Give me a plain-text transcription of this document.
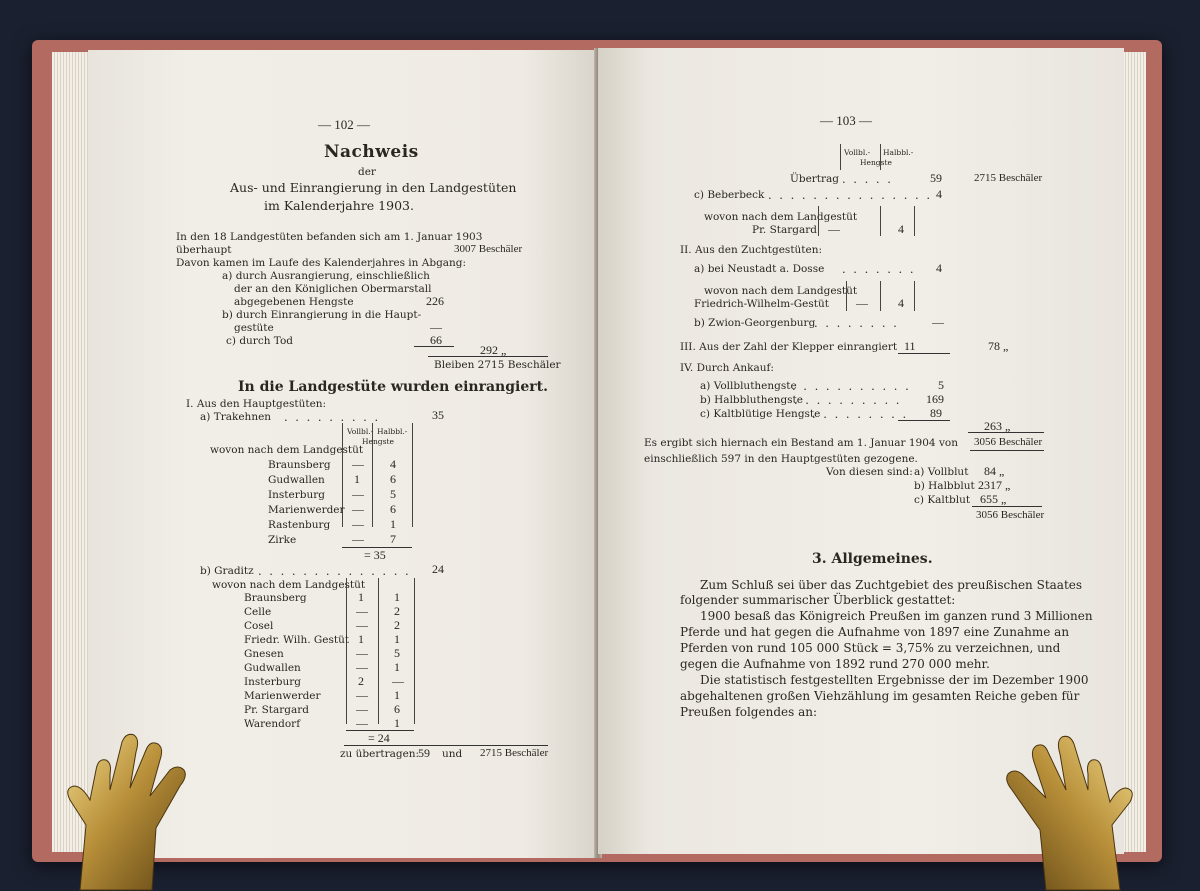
— 102 —
Nachweis
der
Aus- und Einrangierung in den Landgestüten
im Kalenderjahre 1903.
In den 18 Landgestüten befanden sich am 1. Januar 1903
überhaupt	3007 Beschäler
Davon kamen im Laufe des Kalenderjahres in Abgang:
a) durch Ausrangierung, einschließlich
der an den Königlichen Obermarstall
abgegebenen Hengste	226
b) durch Einrangierung in die Haupt-
gestüte	—
c) durch Tod	66
292 „
Bleiben 2715 Beschäler
In die Landgestüte wurden einrangiert.
I. Aus den Hauptgestüten:
a) Trakehnen . . . . . . . . .	35
Vollbl.- Halbbl.-
Hengste
wovon nach dem Landgestüt
Braunsberg — 4
Gudwallen 1	6
Insterburg — 5
Marienwerder — 6
Rastenburg — 1
Zirke	— 7
= 35
b) Graditz . . . . . . . . . . . . . . 24
wovon nach dem Landgestüt
Braunsberg	1	1
Celle	— 2
Cosel	— 2
Friedr. Wilh. Gestüt 1	1
Gnesen	— 5
Gudwallen	— 1
Insterburg	2 —
Marienwerder	— 1
Pr. Stargard	— 6
Warendorf	— 1
= 24
zu übertragen:
59 und 2715 Beschäler
— 103 —
Vollbl.- Halbbl.-
Hengste
Übertrag . . . . .	59	2715 Beschäler
c) Beberbeck . . . . . . . . . . . . . . . 4
wovon nach dem Landgestüt
Pr. Stargard —	4
II. Aus den Zuchtgestüten:
a) bei Neustadt a. Dosse . . . . . . . 4
wovon nach dem Landgestüt
Friedrich-Wilhelm-Gestüt —	4
b) Zwion-Georgenburg
. . . . . . . .	—
III. Aus der Zahl der Klepper einrangiert 11	78 „
IV. Durch Ankauf:
a) Vollbluthengste
. . . . . . . . . . . 5
b) Halbbluthengste
. . . . . . . . . . 169
c) Kaltblütige Hengste
. . . . . . . . . 89
263 „
Es ergibt sich hiernach ein Bestand am 1. Januar 1904 von 3056 Beschäler
einschließlich 597 in den Hauptgestüten gezogene.
Von diesen sind: a) Vollblut 84 „
b) Halbblut 2317 „
c) Kaltblut 655 „
3056 Beschäler
3. Allgemeines.
Zum Schluß sei über das Zuchtgebiet des preußischen Staates
folgender summarischer Überblick gestattet:
1900 besaß das Königreich Preußen im ganzen rund 3 Millionen
Pferde und hat gegen die Aufnahme von 1897 eine Zunahme an
Pferden von rund 105 000 Stück = 3,75% zu verzeichnen, und
gegen die Aufnahme von 1892 rund 270 000 mehr.
Die statistisch festgestellten Ergebnisse der im Dezember 1900
abgehaltenen großen Viehzählung im gesamten Reiche geben für
Preußen folgendes an:
